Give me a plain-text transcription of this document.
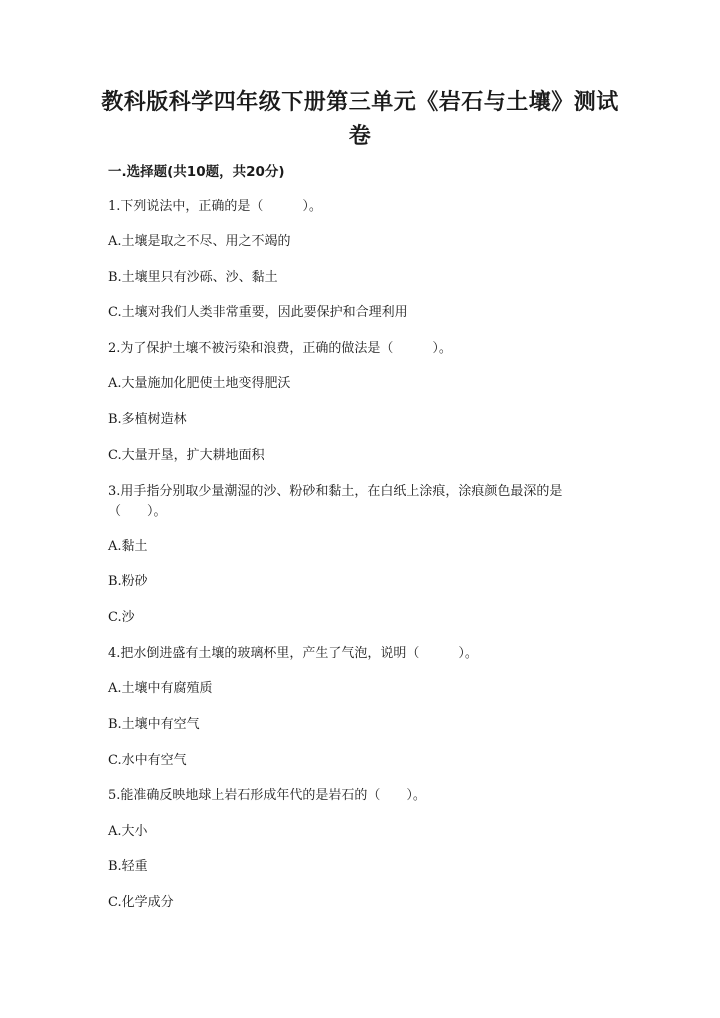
教科版科学四年级下册第三单元《岩石与土壤》测试卷
一.选择题(共10题，共20分)
1.下列说法中，正确的是（　　　）。
A.土壤是取之不尽、用之不竭的
B.土壤里只有沙砾、沙、黏土
C.土壤对我们人类非常重要，因此要保护和合理利用
2.为了保护土壤不被污染和浪费，正确的做法是（　　　）。
A.大量施加化肥使土地变得肥沃
B.多植树造林
C.大量开垦，扩大耕地面积
3.用手指分别取少量潮湿的沙、粉砂和黏土，在白纸上涂痕，涂痕颜色最深的是（　　）。
A.黏土
B.粉砂
C.沙
4.把水倒进盛有土壤的玻璃杯里，产生了气泡，说明（　　　）。
A.土壤中有腐殖质
B.土壤中有空气
C.水中有空气
5.能准确反映地球上岩石形成年代的是岩石的（　　）。
A.大小
B.轻重
C.化学成分
